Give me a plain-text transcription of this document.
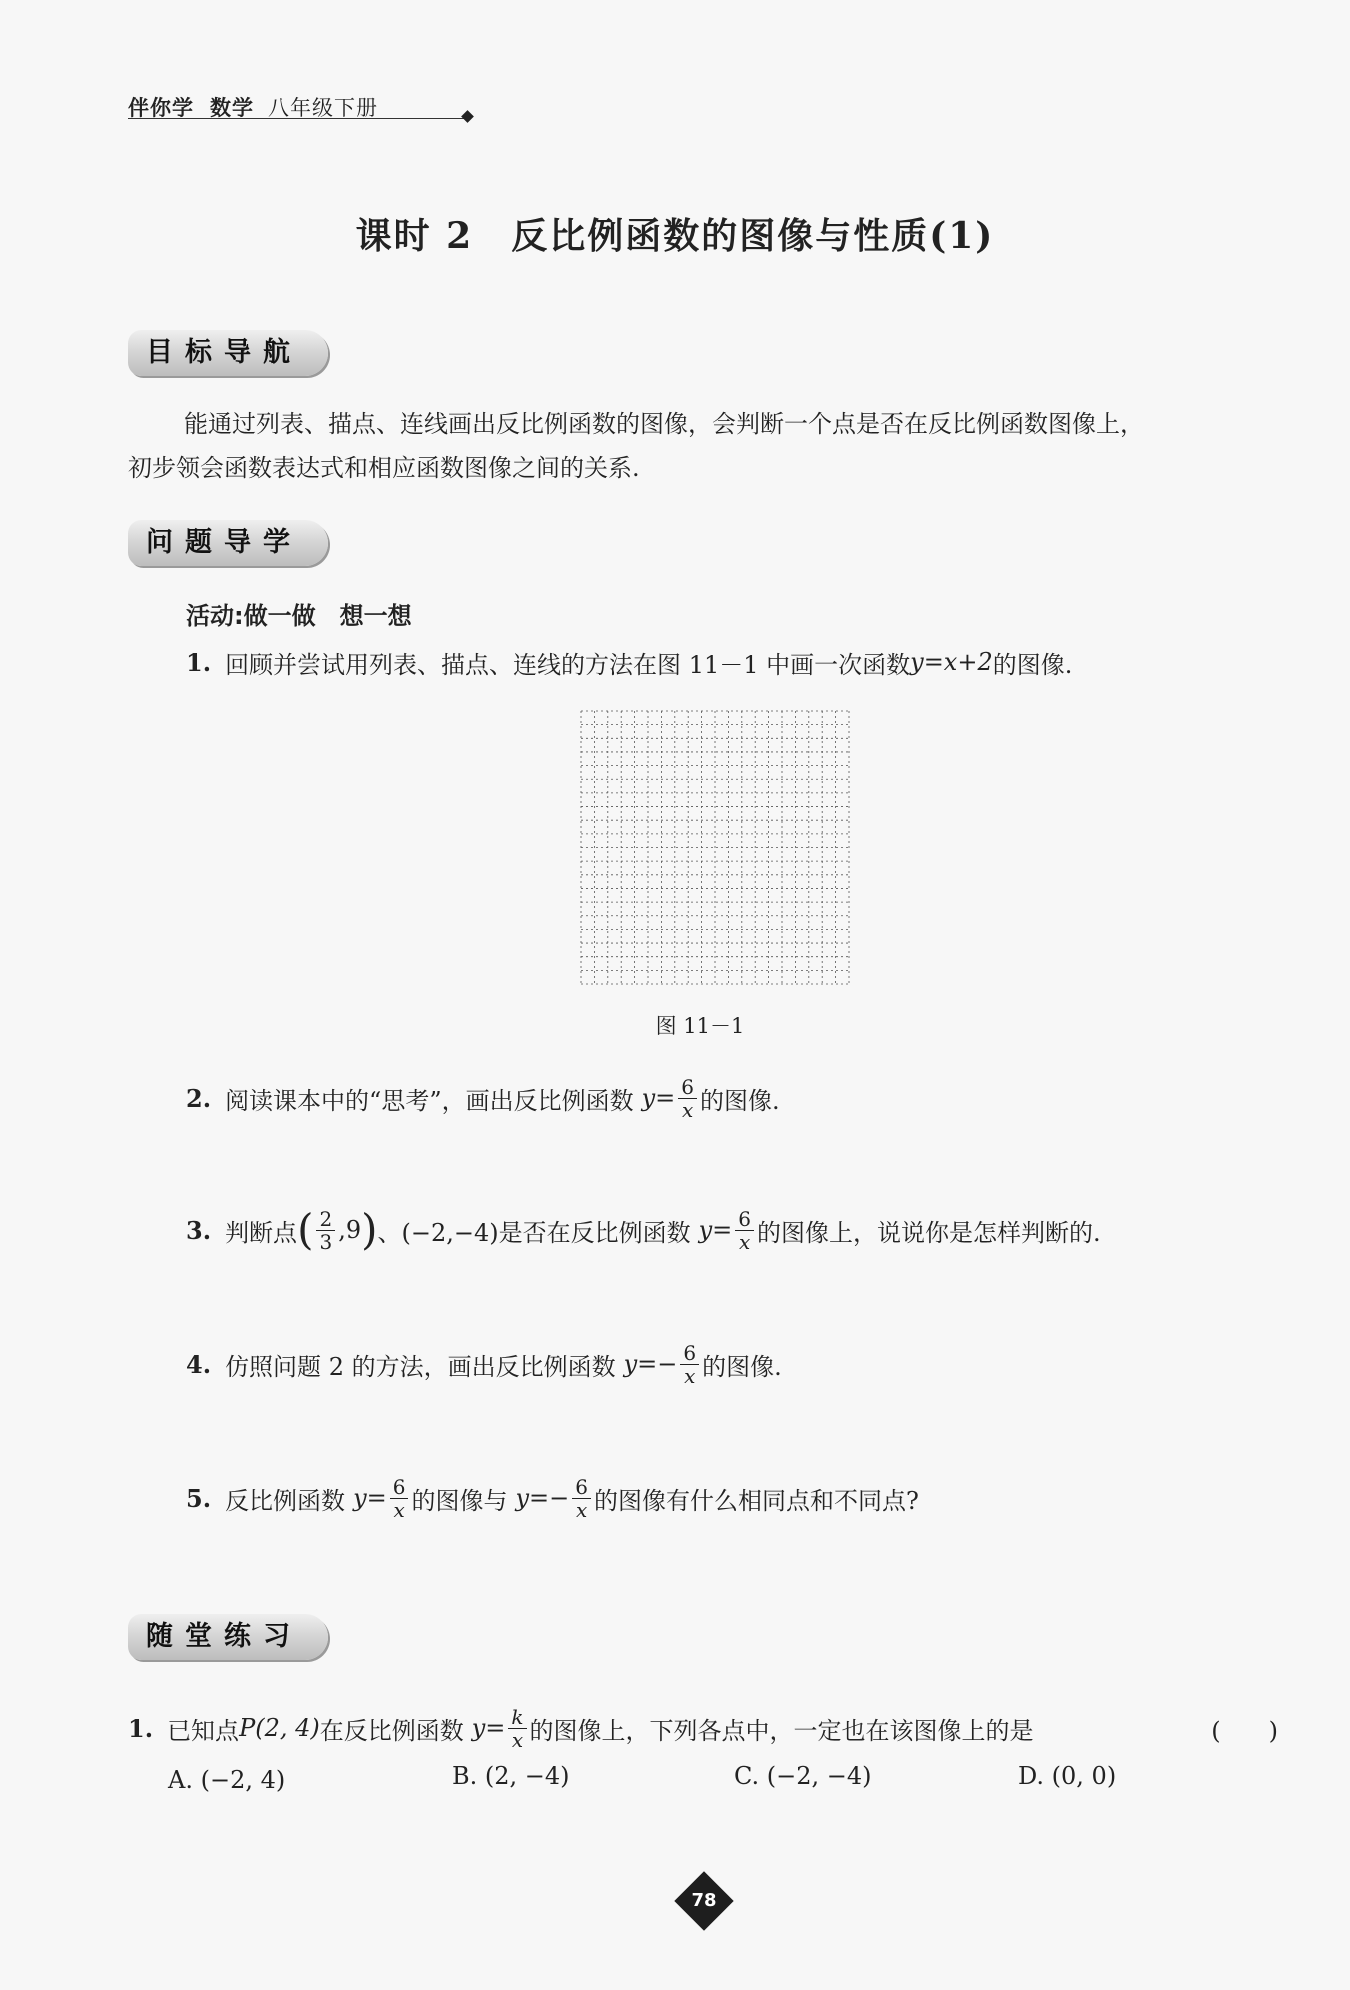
伴你学 数学 八年级下册
课时 2　反比例函数的图像与性质(1)
目标导航
能通过列表、描点、连线画出反比例函数的图像，会判断一个点是否在反比例函数图像上，
初步领会函数表达式和相应函数图像之间的关系.
问题导学
活动:做一做　想一想
1. 回顾并尝试用列表、描点、连线的方法在图 11－1 中画一次函数 y=x+2 的图像.
图 11－1
2. 阅读课本中的“思考”，画出反比例函数 $y= \frac{6}{x}$ 的图像.
3. 判断点 ( $\frac{2}{3} ,9$ ) 、(−2,−4)是否在反比例函数 $y= \frac{6}{x}$ 的图像上，说说你是怎样判断的.
4. 仿照问题 2 的方法，画出反比例函数 $y=- \frac{6}{x}$ 的图像.
5. 反比例函数 $y= \frac{6}{x}$ 的图像与 $y=- \frac{6}{x}$ 的图像有什么相同点和不同点?
随堂练习
1. 已知点 P(2, 4) 在反比例函数 $y= \frac{k}{x}$ 的图像上，下列各点中，一定也在该图像上的是	(　　)
A. (−2, 4)	B. (2, −4)	C. (−2, −4)	D. (0, 0)
78
